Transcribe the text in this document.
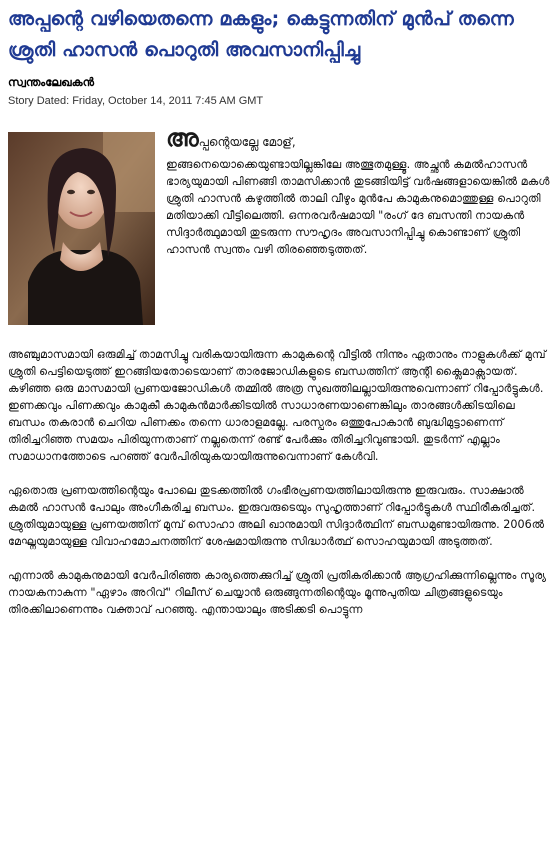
അപ്പന്റെ വഴിയെതന്നെ മകളും; കെട്ടുന്നതിന് മുൻപ് തന്നെ ശ്രുതി ഹാസൻ പൊറുതി അവസാനിപ്പിച്ചു
സ്വന്തംലേഖകൻ
Story Dated: Friday, October 14, 2011 7:45 AM GMT
അപ്പന്റെയല്ലേ മോള്,

ഇങ്ങനെയൊക്കെയുണ്ടായില്ലങ്കിലേ അത്ഭുതമുള്ളൂ. അച്ഛൻ കമൽഹാസൻ ഭാര്യയുമായി പിണങ്ങി താമസിക്കാൻ തുടങ്ങിയിട്ട് വർഷങ്ങളായെങ്കിൽ മകൾ ശ്രുതി ഹാസൻ കഴുത്തിൽ താലി വീഴും മുൻപേ കാമുകനുമൊത്തുള്ള പൊറുതി മതിയാക്കി വീട്ടിലെത്തി. ഒന്നരവർഷമായി "രംഗ് ദേ ബസന്തി നായകൻ സിദ്ദാർത്ഥുമായി തുടരുന്ന സൗഹൃദം അവസാനിപ്പിച്ചു കൊണ്ടാണ് ശ്രുതി ഹാസൻ സ്വന്തം വഴി തിരഞ്ഞെടുത്തത്.

അഞ്ചുമാസമായി ഒരുമിച്ച് താമസിച്ചു വരികയായിരുന്ന കാമുകന്റെ വീട്ടിൽ നിന്നും ഏതാനും നാളുകൾക്ക് മുമ്പ് ശ്രുതി പെട്ടിയെടുത്ത് ഇറങ്ങിയതോടെയാണ് താരജോഡികളുടെ ബന്ധത്തിന് ആന്റി ക്ലൈമാക്സായത്. കഴിഞ്ഞ ഒരു മാസമായി പ്രണയജോഡികൾ തമ്മിൽ അത്ര സുഖത്തിലല്ലായിരുന്നുവെന്നാണ് റിപ്പോർട്ടുകൾ.

ഇണക്കവും പിണക്കവും കാമുകീ കാമുകൻമാർക്കിടയിൽ സാധാരണയാണെങ്കിലും താരങ്ങൾക്കിടയിലെ ബന്ധം തകരാൻ ചെറിയ പിണക്കം തന്നെ ധാരാളമല്ലേ. പരസ്പരം ഒത്തുപോകാൻ ബുദ്ധിമുട്ടാണെന്ന് തിരിച്ചറിഞ്ഞ സമയം പിരിയുന്നതാണ് നല്ലതെന്ന് രണ്ട് പേർക്കും തിരിച്ചറിവുണ്ടായി. തുടർന്ന് എല്ലാം സമാധാനത്തോടെ പറഞ്ഞ് വേർപിരിയുകയായിരുന്നുവെന്നാണ് കേൾവി.

ഏതൊരു പ്രണയത്തിന്റെയും പോലെ തുടക്കത്തിൽ ഗംഭീരപ്രണയത്തിലായിരുന്നു ഇരുവരും. സാക്ഷാൽ കമൽ ഹാസൻ പോലും അംഗീകരിച്ച ബന്ധം. ഇരുവരുടെയും സുഹൃത്താണ് റിപ്പോർട്ടുകൾ സ്ഥിരീകരിച്ചത്. ശ്രുതിയുമായുള്ള പ്രണയത്തിന് മുമ്പ് സൊഹാ അലി ഖാനുമായി സിദ്ദാർത്ഥിന് ബന്ധമുണ്ടായിരുന്നു. 2006ൽ മേഘ്നയുമായുള്ള വിവാഹമോചനത്തിന് ശേഷമായിരുന്നു സിദ്ധാർത്ഥ് സൊഹയുമായി അടുത്തത്.

എന്നാൽ കാമുകനുമായി വേർപിരിഞ്ഞ കാര്യത്തെക്കുറിച്ച് ശ്രുതി പ്രതികരിക്കാൻ ആഗ്രഹിക്കുന്നില്ലെന്നും സൂര്യ നായകനാകുന്ന "ഏഴാം അറിവ്" റിലീസ് ചെയ്യാൻ ഒരുങ്ങുന്നതിന്റെയും മൂന്നുപുതിയ ചിത്രങ്ങളുടെയും തിരക്കിലാണെന്നും വക്താവ് പറഞ്ഞു. എന്തായാലും അടിക്കടി പൊട്ടുന്ന
